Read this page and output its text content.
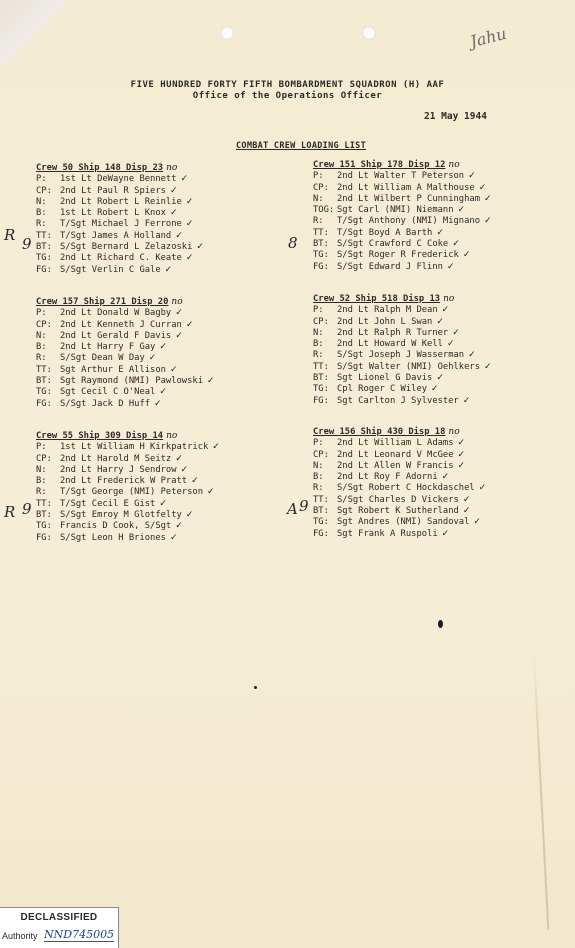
Jahu
FIVE HUNDRED FORTY FIFTH BOMBARDMENT SQUADRON (H) AAF
Office of the Operations Officer
21 May 1944
COMBAT CREW LOADING LIST
Crew 50 Ship 148 Disp 23 no
P:	1st Lt DeWayne Bennett ✓
CP: 2nd Lt Paul R Spiers ✓
N:	2nd Lt Robert L Reinlie ✓
B:	1st Lt Robert L Knox ✓
R:	T/Sgt Michael J Ferrone ✓
TT: T/Sgt James A Holland ✓
BT: S/Sgt Bernard L Zelazoski ✓
TG: 2nd Lt Richard C. Keate ✓
FG: S/Sgt Verlin C Gale ✓
Crew 157 Ship 271 Disp 20 no
P:	2nd Lt Donald W Bagby ✓
CP: 2nd Lt Kenneth J Curran ✓
N:	2nd Lt Gerald F Davis ✓
B:	2nd Lt Harry F Gay ✓
R:	S/Sgt Dean W Day ✓
TT: Sgt Arthur E Allison ✓
BT: Sgt Raymond (NMI) Pawlowski ✓
TG: Sgt Cecil C O'Neal ✓
FG: S/Sgt Jack D Huff ✓
Crew 55 Ship 309 Disp 14 no
P:	1st Lt William H Kirkpatrick ✓
CP: 2nd Lt Harold M Seitz ✓
N:	2nd Lt Harry J Sendrow ✓
B:	2nd Lt Frederick W Pratt ✓
R:	T/Sgt George (NMI) Peterson ✓
TT: T/Sgt Cecil E Gist ✓
BT: S/Sgt Emroy M Glotfelty ✓
TG: Francis D Cook, S/Sgt ✓
FG: S/Sgt Leon H Briones ✓
Crew 151 Ship 178 Disp 12 no
P:	2nd Lt Walter T Peterson ✓
CP: 2nd Lt William A Malthouse ✓
N:	2nd Lt Wilbert P Cunningham ✓
TOG: Sgt Carl (NMI) Niemann ✓
R:	T/Sgt Anthony (NMI) Mignano ✓
TT: T/Sgt Boyd A Barth ✓
BT: S/Sgt Crawford C Coke ✓
TG: S/Sgt Roger R Frederick ✓
FG: S/Sgt Edward J Flinn ✓
Crew 52 Ship 518 Disp 13 no
P:	2nd Lt Ralph M Dean ✓
CP: 2nd Lt John L Swan ✓
N:	2nd Lt Ralph R Turner ✓
B:	2nd Lt Howard W Kell ✓
R:	S/Sgt Joseph J Wasserman ✓
TT: S/Sgt Walter (NMI) Oehlkers ✓
BT: Sgt Lionel G Davis ✓
TG: Cpl Roger C Wiley ✓
FG: Sgt Carlton J Sylvester ✓
Crew 156 Ship 430 Disp 18 no
P:	2nd Lt William L Adams ✓
CP: 2nd Lt Leonard V McGee ✓
N:	2nd Lt Allen W Francis ✓
B:	2nd Lt Roy F Adorni ✓
R:	S/Sgt Robert C Hockdaschel ✓
TT: S/Sgt Charles D Vickers ✓
BT: Sgt Robert K Sutherland ✓
TG: Sgt Andres (NMI) Sandoval ✓
FG: Sgt Frank A Ruspoli ✓
R 9
R 9
8
A 9
DECLASSIFIED
Authority NND745005
